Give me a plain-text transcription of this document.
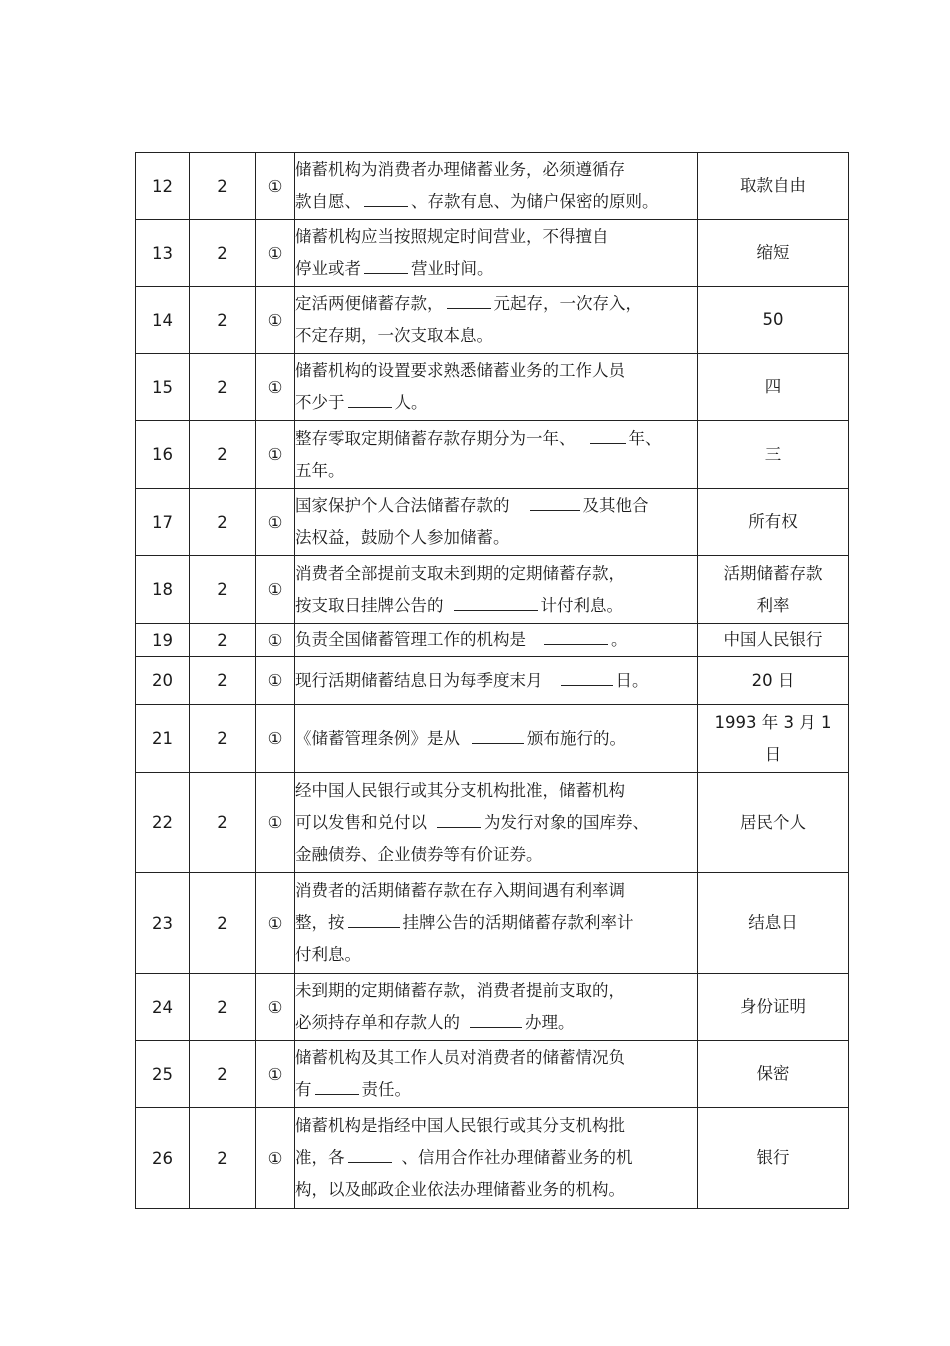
12	2	①	储蓄机构为消费者办理储蓄业务，必须遵循存
款自愿、 、存款有息、为储户保密的原则。	取款自由
13	2	①	储蓄机构应当按照规定时间营业，不得擅自
停业或者 营业时间。	缩短
14	2	①	定活两便储蓄存款， 元起存，一次存入，
不定存期，一次支取本息。	50
15	2	①	储蓄机构的设置要求熟悉储蓄业务的工作人员
不少于 人。	四
16	2	①	整存零取定期储蓄存款存期分为一年、 年、
五年。	三
17	2	①	国家保护个人合法储蓄存款的 及其他合
法权益，鼓励个人参加储蓄。	所有权
18	2	①	消费者全部提前支取未到期的定期储蓄存款，
按支取日挂牌公告的 计付利息。	活期储蓄存款
利率
19	2	①	负责全国储蓄管理工作的机构是 。	中国人民银行
20	2	①	现行活期储蓄结息日为每季度末月 日。	20 日
21	2	①	《储蓄管理条例》是从 颁布施行的。	1993 年 3 月 1
日
22	2	①	经中国人民银行或其分支机构批准，储蓄机构
可以发售和兑付以 为发行对象的国库券、
金融债券、企业债券等有价证券。	居民个人
23	2	①	消费者的活期储蓄存款在存入期间遇有利率调
整，按 挂牌公告的活期储蓄存款利率计
付利息。	结息日
24	2	①	未到期的定期储蓄存款，消费者提前支取的，
必须持存单和存款人的 办理。	身份证明
25	2	①	储蓄机构及其工作人员对消费者的储蓄情况负
有 责任。	保密
26	2	①	储蓄机构是指经中国人民银行或其分支机构批
准，各 、信用合作社办理储蓄业务的机
构，以及邮政企业依法办理储蓄业务的机构。	银行
